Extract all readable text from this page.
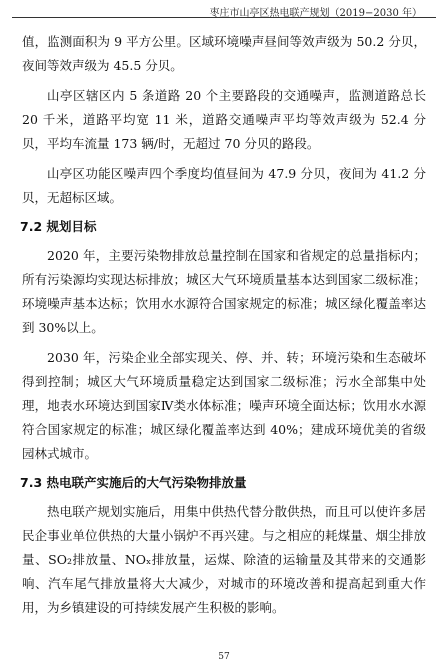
枣庄市山亭区热电联产规划（2019−2030 年）

值，监测面积为 9 平方公里。区域环境噪声昼间等效声级为 50.2 分贝，夜间等效声级为 45.5 分贝。

山亭区辖区内 5 条道路 20 个主要路段的交通噪声，监测道路总长 20 千米，道路平均宽 11 米，道路交通噪声平均等效声级为 52.4 分贝，平均车流量 173 辆/时，无超过 70 分贝的路段。

山亭区功能区噪声四个季度均值昼间为 47.9 分贝，夜间为 41.2 分贝，无超标区域。

7.2 规划目标

2020 年，主要污染物排放总量控制在国家和省规定的总量指标内；所有污染源均实现达标排放；城区大气环境质量基本达到国家二级标准；环境噪声基本达标；饮用水水源符合国家规定的标准；城区绿化覆盖率达到 30%以上。

2030 年，污染企业全部实现关、停、并、转；环境污染和生态破坏得到控制；城区大气环境质量稳定达到国家二级标准；污水全部集中处理，地表水环境达到国家Ⅳ类水体标准；噪声环境全面达标；饮用水水源符合国家规定的标准；城区绿化覆盖率达到 40%；建成环境优美的省级园林式城市。

7.3 热电联产实施后的大气污染物排放量

热电联产规划实施后，用集中供热代替分散供热，而且可以使许多居民企事业单位供热的大量小锅炉不再兴建。与之相应的耗煤量、烟尘排放量、SO₂排放量、NOₓ排放量，运煤、除渣的运输量及其带来的交通影响、汽车尾气排放量将大大减少，对城市的环境改善和提高起到重大作用，为乡镇建设的可持续发展产生积极的影响。

57
